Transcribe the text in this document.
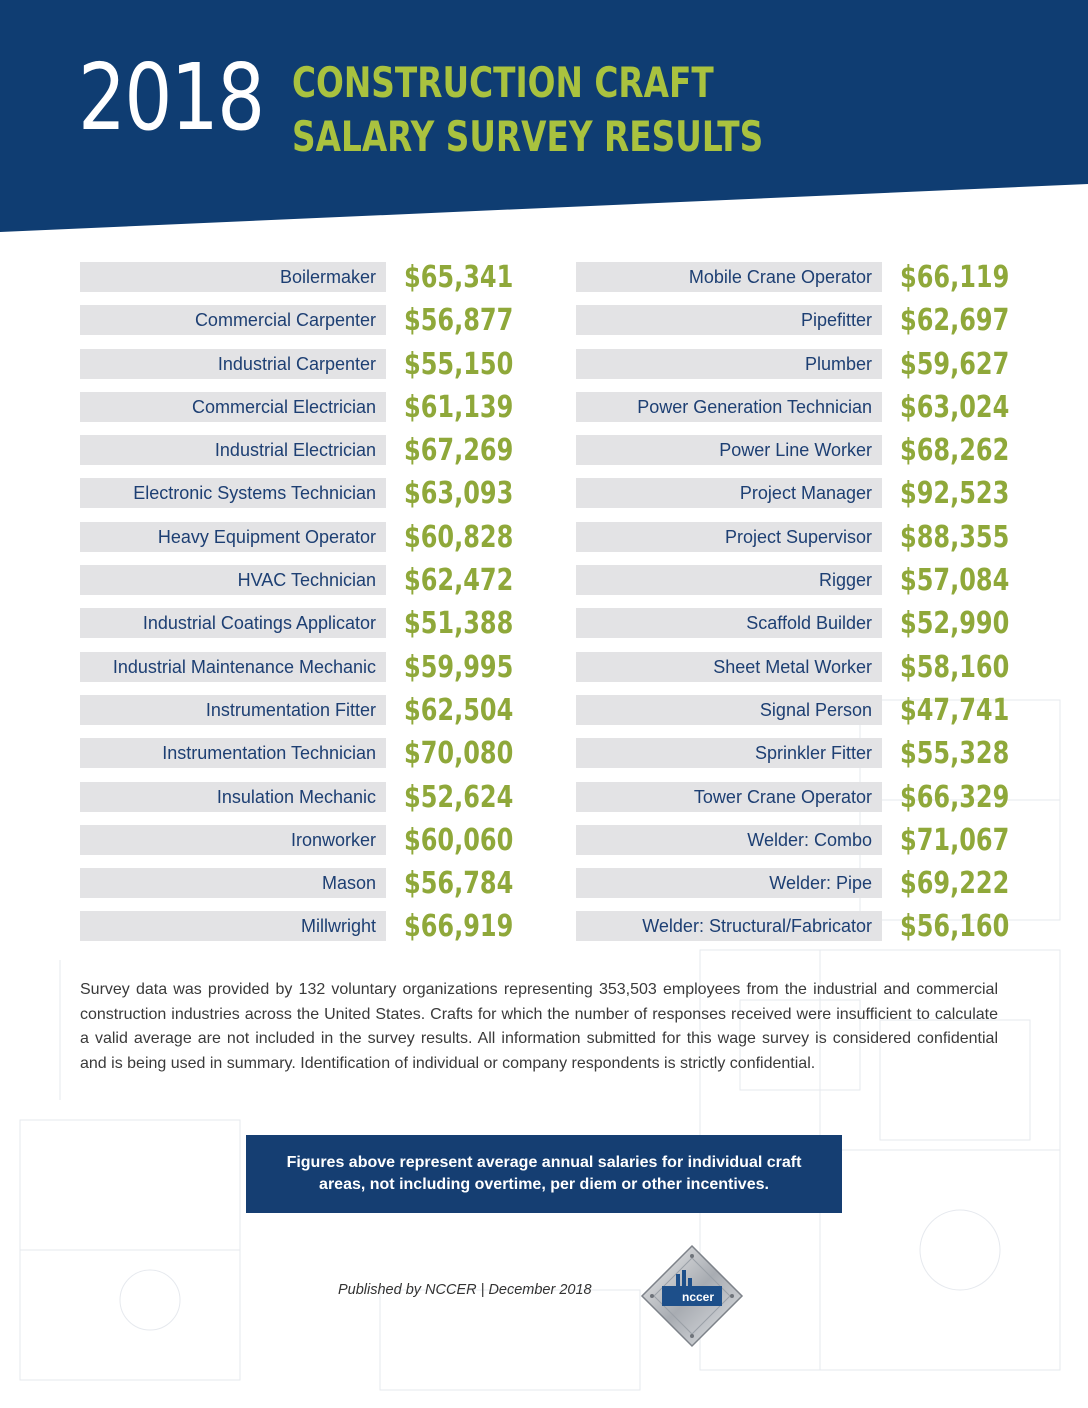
2018 CONSTRUCTION CRAFT
SALARY SURVEY RESULTS
Boilermaker $65,341
Commercial Carpenter $56,877
Industrial Carpenter $55,150
Commercial Electrician $61,139
Industrial Electrician $67,269
Electronic Systems Technician $63,093
Heavy Equipment Operator $60,828
HVAC Technician $62,472
Industrial Coatings Applicator $51,388
Industrial Maintenance Mechanic $59,995
Instrumentation Fitter $62,504
Instrumentation Technician $70,080
Insulation Mechanic $52,624
Ironworker $60,060
Mason $56,784
Millwright $66,919
Mobile Crane Operator $66,119
Pipefitter $62,697
Plumber $59,627
Power Generation Technician $63,024
Power Line Worker $68,262
Project Manager $92,523
Project Supervisor $88,355
Rigger $57,084
Scaffold Builder $52,990
Sheet Metal Worker $58,160
Signal Person $47,741
Sprinkler Fitter $55,328
Tower Crane Operator $66,329
Welder: Combo $71,067
Welder: Pipe $69,222
Welder: Structural/Fabricator $56,160
Survey data was provided by 132 voluntary organizations representing 353,503 employees from the industrial and commercial construction industries across the United States. Crafts for which the number of responses received were insufficient to calculate a valid average are not included in the survey results. All information submitted for this wage survey is considered confidential and is being used in summary. Identification of individual or company respondents is strictly confidential.
Figures above represent average annual salaries for individual craft areas, not including overtime, per diem or other incentives.
Published by NCCER | December 2018	nccer
